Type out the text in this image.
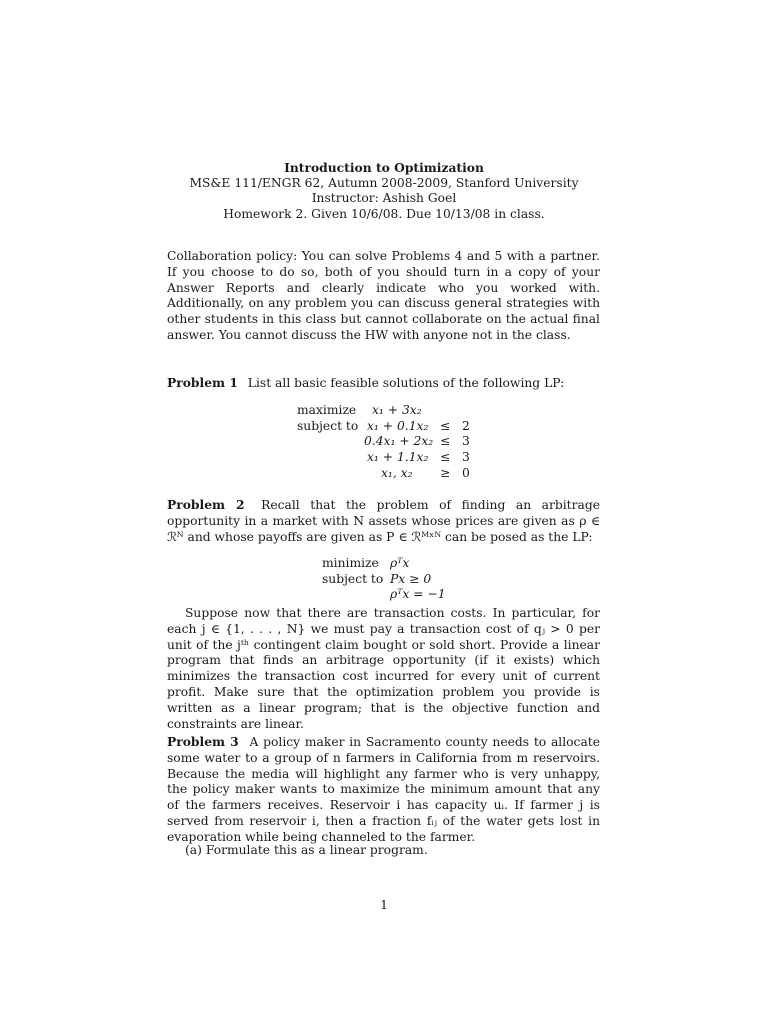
Introduction to Optimization
MS&E 111/ENGR 62, Autumn 2008-2009, Stanford University
Instructor: Ashish Goel
Homework 2. Given 10/6/08. Due 10/13/08 in class.
Collaboration policy: You can solve Problems 4 and 5 with a partner. If you choose to do so, both of you should turn in a copy of your Answer Reports and clearly indicate who you worked with. Additionally, on any problem you can discuss general strategies with other students in this class but cannot collaborate on the actual final answer. You cannot discuss the HW with anyone not in the class.
Problem 1 List all basic feasible solutions of the following LP:
maximize x₁ + 3x₂
subject to x₁ + 0.1x₂ ≤ 2
0.4x₁ + 2x₂ ≤ 3
x₁ + 1.1x₂ ≤ 3
x₁, x₂ ≥ 0
Problem 2 Recall that the problem of finding an arbitrage opportunity in a market with N assets whose prices are given as ρ ∈ ℛᴺ and whose payoffs are given as P ∈ ℛᴹˣᴺ can be posed as the LP:
minimize ρᵀx
subject to Px ≥ 0
ρᵀx = −1
Suppose now that there are transaction costs. In particular, for each j ∈ {1, . . . , N} we must pay a transaction cost of qⱼ > 0 per unit of the jᵗʰ contingent claim bought or sold short. Provide a linear program that finds an arbitrage opportunity (if it exists) which minimizes the transaction cost incurred for every unit of current profit. Make sure that the optimization problem you provide is written as a linear program; that is the objective function and constraints are linear.
Problem 3 A policy maker in Sacramento county needs to allocate some water to a group of n farmers in California from m reservoirs. Because the media will highlight any farmer who is very unhappy, the policy maker wants to maximize the minimum amount that any of the farmers receives. Reservoir i has capacity uᵢ. If farmer j is served from reservoir i, then a fraction fᵢⱼ of the water gets lost in evaporation while being channeled to the farmer.
(a) Formulate this as a linear program.
1
